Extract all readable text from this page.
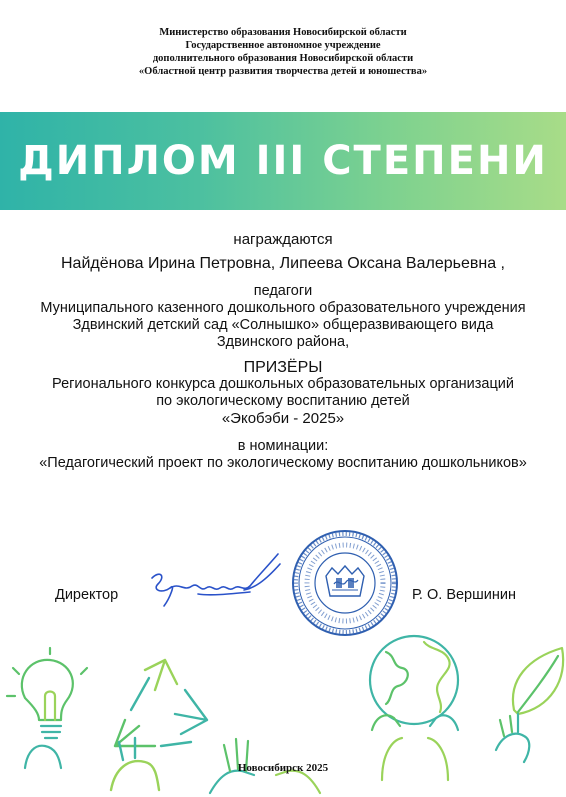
Министерство образования Новосибирской области
Государственное автономное учреждение
дополнительного образования Новосибирской области
«Областной центр развития творчества детей и юношества»
ДИПЛОМ III СТЕПЕНИ
награждаются
Найдёнова Ирина Петровна, Липеева Оксана Валерьевна ,
педагоги
Муниципального казенного дошкольного образовательного учреждения
Здвинский детский сад «Солнышко» общеразвивающего вида
Здвинского района,
ПРИЗЁРЫ
Регионального конкурса дошкольных образовательных организаций
по экологическому воспитанию детей
«Экобэби - 2025»
в номинации:
«Педагогический проект по экологическому воспитанию дошкольников»
Директор	Р. О. Вершинин
Новосибирск 2025
